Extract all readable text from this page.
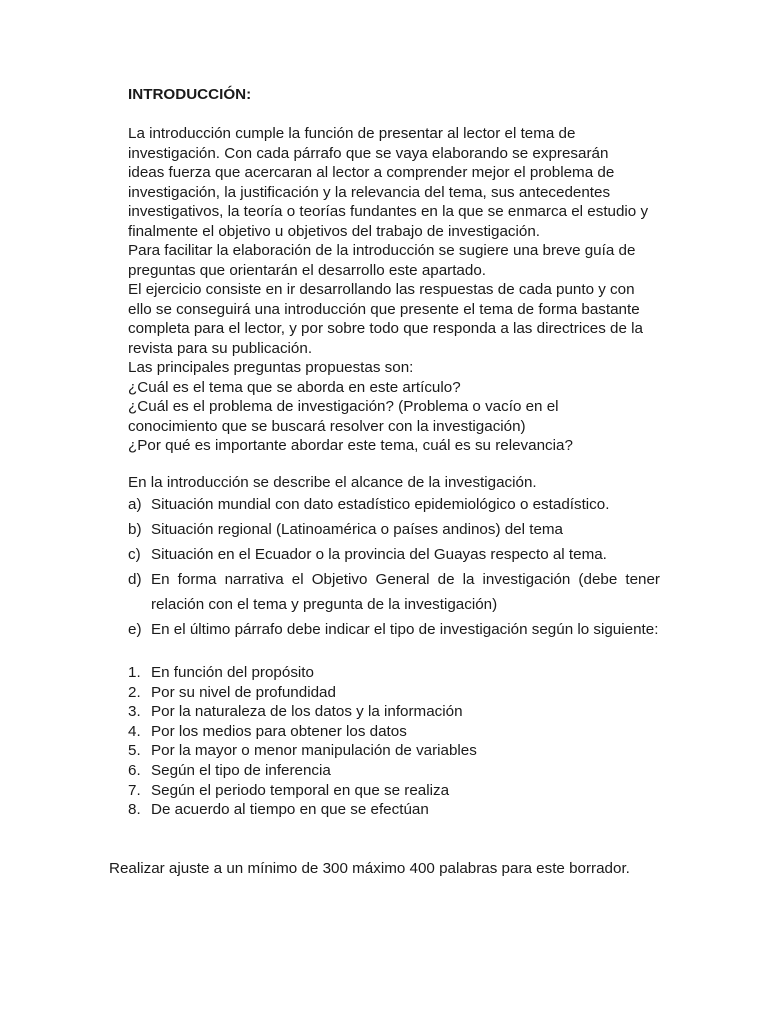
INTRODUCCIÓN:
La introducción cumple la función de presentar al lector el tema de
investigación. Con cada párrafo que se vaya elaborando se expresarán
ideas fuerza que acercaran al lector a comprender mejor el problema de
investigación, la justificación y la relevancia del tema, sus antecedentes
investigativos, la teoría o teorías fundantes en la que se enmarca el estudio y
finalmente el objetivo u objetivos del trabajo de investigación.
Para facilitar la elaboración de la introducción se sugiere una breve guía de
preguntas que orientarán el desarrollo este apartado.
El ejercicio consiste en ir desarrollando las respuestas de cada punto y con
ello se conseguirá una introducción que presente el tema de forma bastante
completa para el lector, y por sobre todo que responda a las directrices de la
revista para su publicación.
Las principales preguntas propuestas son:
¿Cuál es el tema que se aborda en este artículo?
¿Cuál es el problema de investigación? (Problema o vacío en el
conocimiento que se buscará resolver con la investigación)
¿Por qué es importante abordar este tema, cuál es su relevancia?
En la introducción se describe el alcance de la investigación.
a) Situación mundial con dato estadístico epidemiológico o estadístico.
b) Situación regional (Latinoamérica o países andinos) del tema
c) Situación en el Ecuador o la provincia del Guayas respecto al tema.
d) En forma narrativa el Objetivo General de la investigación (debe tener
relación con el tema y pregunta de la investigación)
e) En el último párrafo debe indicar el tipo de investigación según lo siguiente:
1. En función del propósito
2. Por su nivel de profundidad
3. Por la naturaleza de los datos y la información
4. Por los medios para obtener los datos
5. Por la mayor o menor manipulación de variables
6. Según el tipo de inferencia
7. Según el periodo temporal en que se realiza
8. De acuerdo al tiempo en que se efectúan
Realizar ajuste a un mínimo de 300 máximo 400 palabras para este borrador.
